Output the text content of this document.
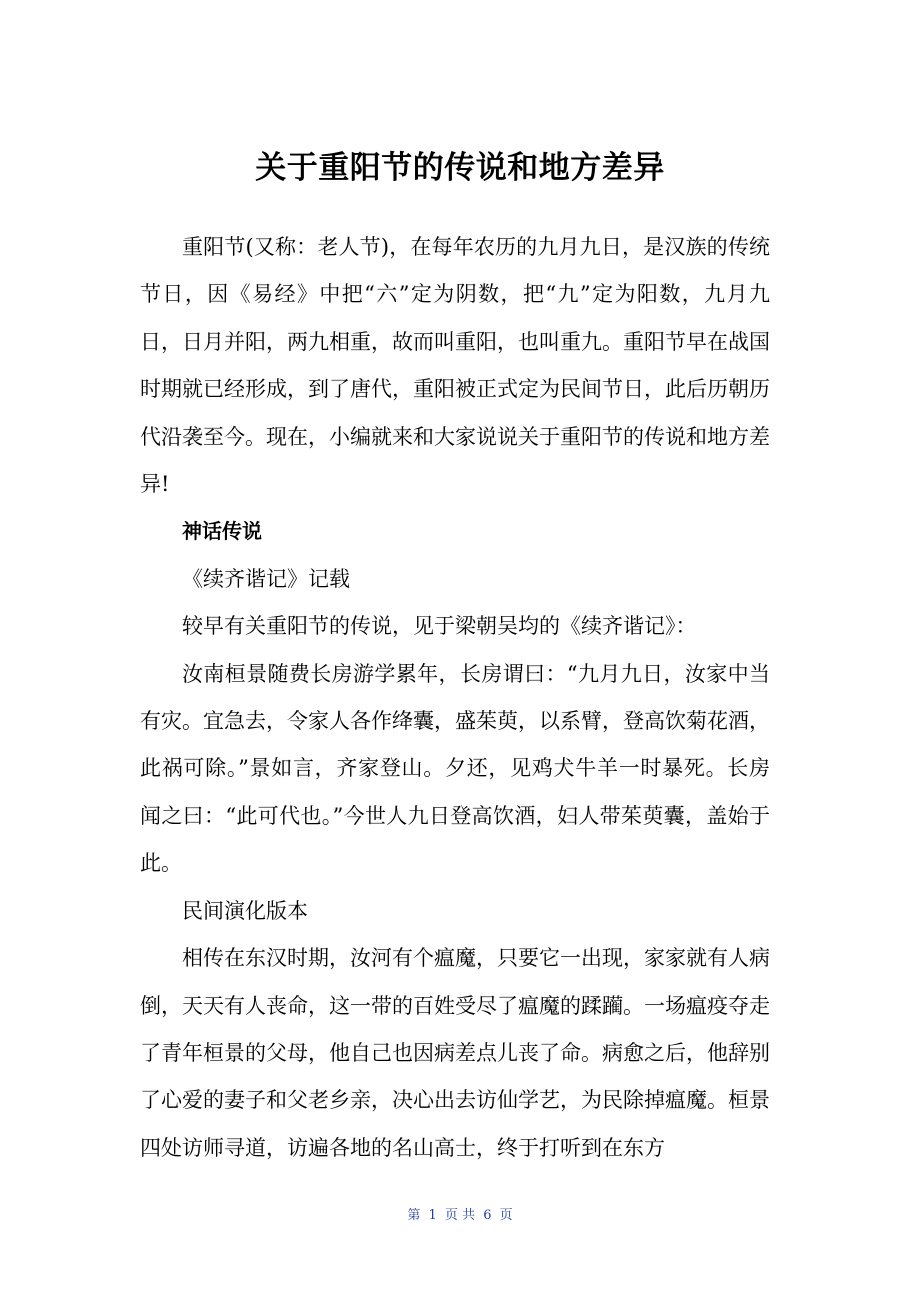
关于重阳节的传说和地方差异

重阳节(又称：老人节)，在每年农历的九月九日，是汉族的传统节日，因《易经》中把“六”定为阴数，把“九”定为阳数，九月九日，日月并阳，两九相重，故而叫重阳，也叫重九。重阳节早在战国时期就已经形成，到了唐代，重阳被正式定为民间节日，此后历朝历代沿袭至今。现在，小编就来和大家说说关于重阳节的传说和地方差异!

神话传说

《续齐谐记》记载

较早有关重阳节的传说，见于梁朝吴均的《续齐谐记》：

汝南桓景随费长房游学累年，长房谓曰：“九月九日，汝家中当有灾。宜急去，令家人各作绛囊，盛茱萸，以系臂，登高饮菊花酒，此祸可除。”景如言，齐家登山。夕还，见鸡犬牛羊一时暴死。长房闻之曰：“此可代也。”今世人九日登高饮酒，妇人带茱萸囊，盖始于此。

民间演化版本

相传在东汉时期，汝河有个瘟魔，只要它一出现，家家就有人病倒，天天有人丧命，这一带的百姓受尽了瘟魔的蹂躏。一场瘟疫夺走了青年桓景的父母，他自己也因病差点儿丧了命。病愈之后，他辞别了心爱的妻子和父老乡亲，决心出去访仙学艺，为民除掉瘟魔。桓景四处访师寻道，访遍各地的名山高士，终于打听到在东方

第 1 页 共 6 页
